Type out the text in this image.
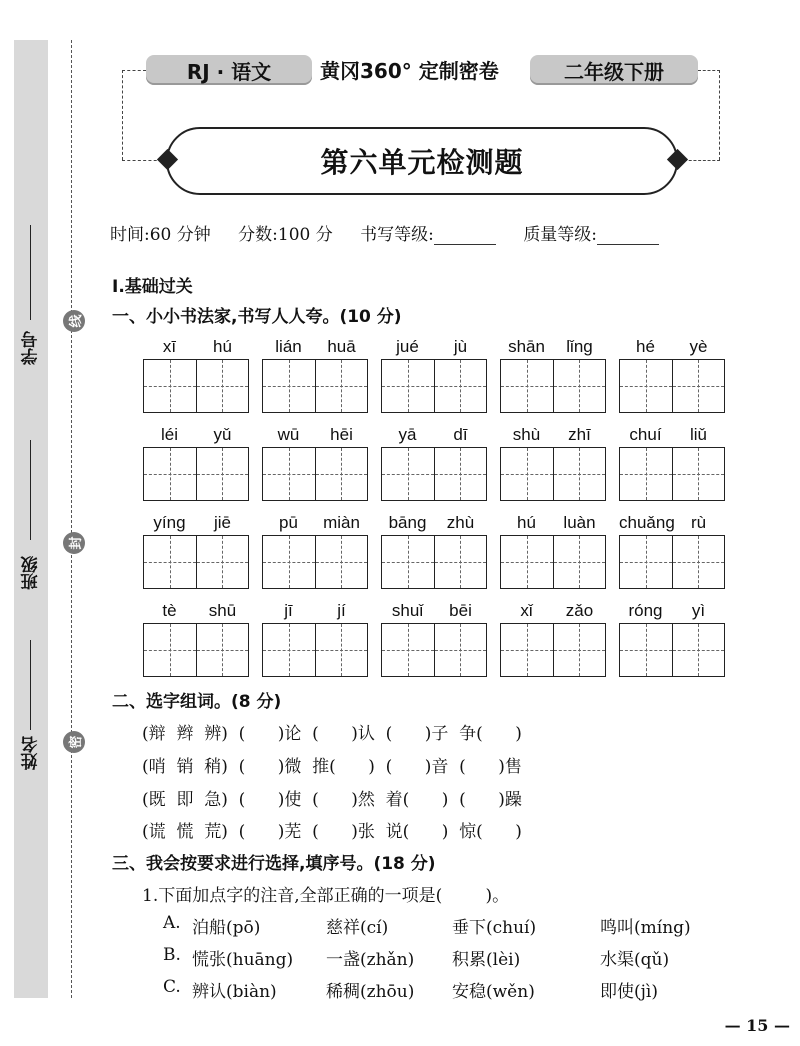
学号
班级
姓名
线
封
密
RJ · 语文	黄冈360° 定制密卷	二年级下册
第六单元检测题
时间:60 分钟 分数:100 分 书写等级:	质量等级:
Ⅰ.基础过关
一、小小书法家,书写人人夸。(10 分)
xī	hú	lián	huā	jué	jù	shān	lǐng	hé	yè
léi	yǔ	wū	hēi	yā	dī	shù	zhī	chuí	liǔ
yíng	jiē	pū	miàn	bāng	zhù	hú	luàn	chuǎng rù
tè	shū	jī	jí	shuǐ	bēi	xǐ	zǎo	róng	yì
二、选字组词。(8 分)
(辩  辫  辨)  (      )论  (      )认  (      )子  争(      )
(哨  销  稍)  (      )微  推(      )  (      )音  (      )售
(既  即  急)  (      )使  (      )然  着(      )  (      )躁
(谎  慌  荒)  (      )芜  (      )张  说(      )  惊(      )
三、我会按要求进行选择,填序号。(18 分)
1.下面加点字的注音,全部正确的一项是(        )。
A. 泊船(pō)	慈祥(cí)	垂下(chuí)	鸣叫(míng)
B. 慌张(huāng) 一盏(zhǎn) 积累(lèi)	水渠(qǔ)
C. 辨认(biàn)	稀稠(zhōu) 安稳(wěn)	即使(jì)
— 15 —
